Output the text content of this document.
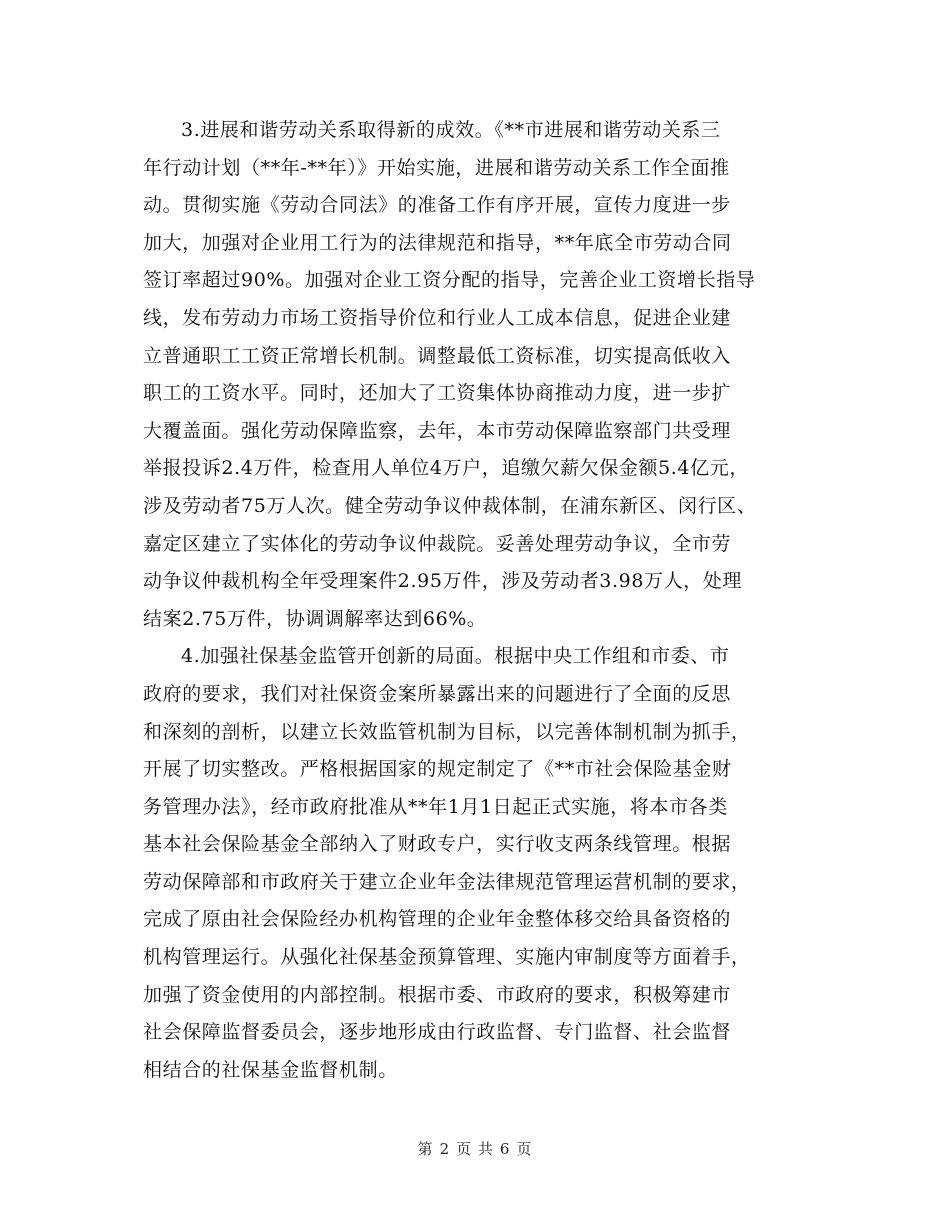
3.进展和谐劳动关系取得新的成效。《**市进展和谐劳动关系三
年行动计划（**年-**年）》开始实施，进展和谐劳动关系工作全面推
动。贯彻实施《劳动合同法》的准备工作有序开展，宣传力度进一步
加大，加强对企业用工行为的法律规范和指导，**年底全市劳动合同
签订率超过90%。加强对企业工资分配的指导，完善企业工资增长指导
线，发布劳动力市场工资指导价位和行业人工成本信息，促进企业建
立普通职工工资正常增长机制。调整最低工资标准，切实提高低收入
职工的工资水平。同时，还加大了工资集体协商推动力度，进一步扩
大覆盖面。强化劳动保障监察，去年，本市劳动保障监察部门共受理
举报投诉2.4万件，检查用人单位4万户，追缴欠薪欠保金额5.4亿元，
涉及劳动者75万人次。健全劳动争议仲裁体制，在浦东新区、闵行区、
嘉定区建立了实体化的劳动争议仲裁院。妥善处理劳动争议，全市劳
动争议仲裁机构全年受理案件2.95万件，涉及劳动者3.98万人，处理
结案2.75万件，协调调解率达到66%。
4.加强社保基金监管开创新的局面。根据中央工作组和市委、市
政府的要求，我们对社保资金案所暴露出来的问题进行了全面的反思
和深刻的剖析，以建立长效监管机制为目标，以完善体制机制为抓手，
开展了切实整改。严格根据国家的规定制定了《**市社会保险基金财
务管理办法》，经市政府批准从**年1月1日起正式实施，将本市各类
基本社会保险基金全部纳入了财政专户，实行收支两条线管理。根据
劳动保障部和市政府关于建立企业年金法律规范管理运营机制的要求，
完成了原由社会保险经办机构管理的企业年金整体移交给具备资格的
机构管理运行。从强化社保基金预算管理、实施内审制度等方面着手，
加强了资金使用的内部控制。根据市委、市政府的要求，积极筹建市
社会保障监督委员会，逐步地形成由行政监督、专门监督、社会监督
相结合的社保基金监督机制。
第 2 页 共 6 页
